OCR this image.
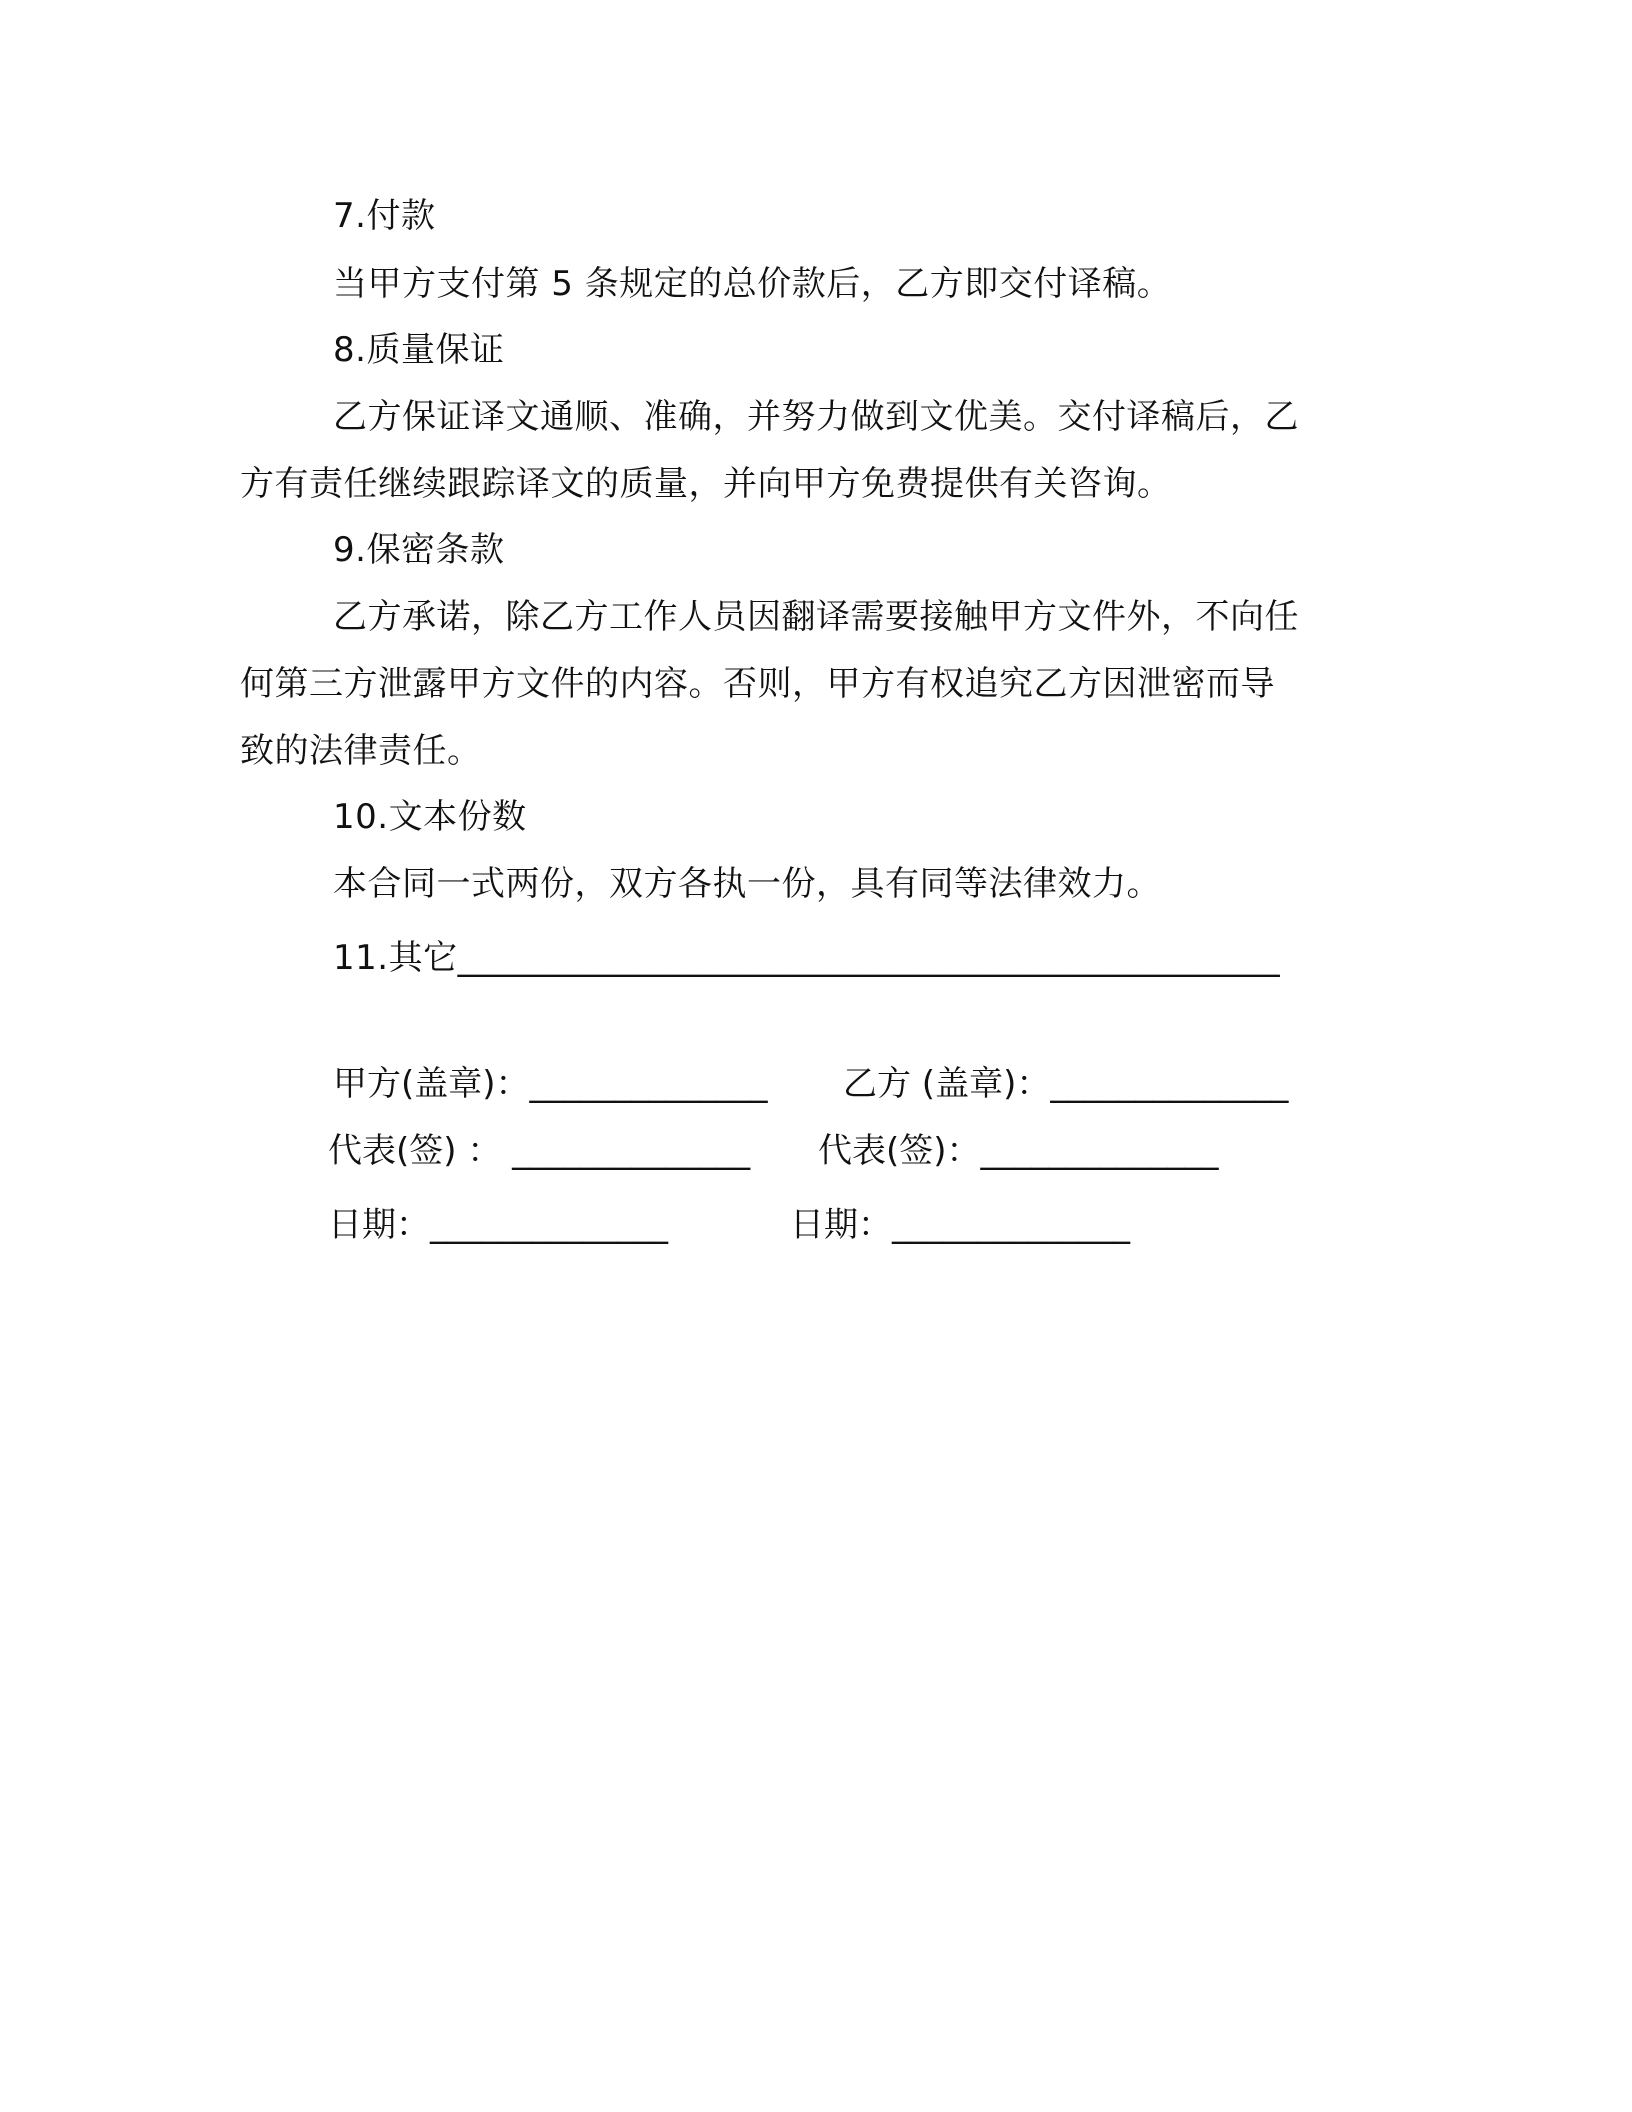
7.付款
当甲方支付第 5 条规定的总价款后，乙方即交付译稿。
8.质量保证
乙方保证译文通顺、准确，并努力做到文优美。交付译稿后，乙
方有责任继续跟踪译文的质量，并向甲方免费提供有关咨询。
9.保密条款
乙方承诺，除乙方工作人员因翻译需要接触甲方文件外，不向任
何第三方泄露甲方文件的内容。否则，甲方有权追究乙方因泄密而导
致的法律责任。
10.文本份数
本合同一式两份，双方各执一份，具有同等法律效力。
11.其它_______________________________________________
甲方(盖章)：______________ 乙方 (盖章)：______________
代表(签) ： ______________ 代表(签)：______________
日期：______________	日期：______________
